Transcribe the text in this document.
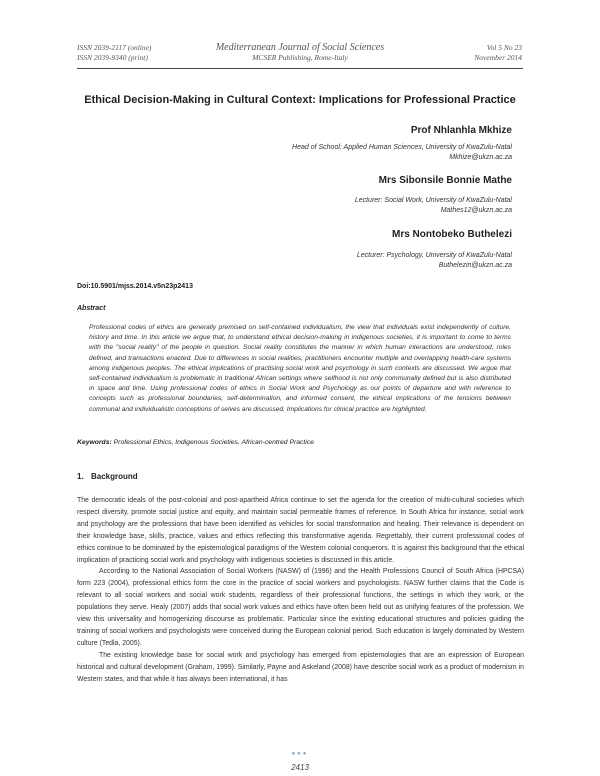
ISSN 2039-2117 (online)
ISSN 2039-9340 (print)
Mediterranean Journal of Social Sciences
MCSER Publishing, Rome-Italy
Vol 5 No 23
November 2014
Ethical Decision-Making in Cultural Context: Implications for Professional Practice
Prof Nhlanhla Mkhize
Head of School: Applied Human Sciences, University of KwaZulu-Natal
Mkhize@ukzn.ac.za
Mrs Sibonsile Bonnie Mathe
Lecturer: Social Work, University of KwaZulu-Natal
Mathes12@ukzn.ac.za
Mrs Nontobeko Buthelezi
Lecturer: Psychology, University of KwaZulu-Natal
Buthelezin@ukzn.ac.za
Doi:10.5901/mjss.2014.v5n23p2413
Abstract
Professional codes of ethics are generally premised on self-contained individualism, the view that individuals exist independently of culture, history and time. In this article we argue that, to understand ethical decision-making in indigenous societies, it is important to come to terms with the "social reality" of the people in question. Social reality constitutes the manner in which human interactions are understood, roles defined, and transactions enacted. Due to differences in social realities, practitioners encounter multiple and overlapping health-care systems among indigenous peoples. The ethical implications of practising social work and psychology in such contexts are discussed. We argue that self-contained individualism is problematic in traditional African settings where selfhood is not only communally defined but is also distributed in space and time. Using professional codes of ethics in Social Work and Psychology as our points of departure and with reference to concepts such as professional boundaries, self-determination, and informed consent, the ethical implications of the tensions between communal and individualistic conceptions of selves are discussed. Implications for clinical practice are highlighted.
Keywords: Professional Ethics, Indigenous Societies, African-centred Practice
1. Background

The democratic ideals of the post-colonial and post-apartheid Africa continue to set the agenda for the creation of multi-cultural societies which respect diversity, promote social justice and equity, and maintain social permeable frames of reference. In South Africa for instance, social work and psychology are the professions that have been identified as vehicles for social transformation and healing. Their relevance is dependent on their knowledge base, skills, practice, values and ethics reflecting this transformative agenda. Regrettably, their current professional codes of ethics continue to be dominated by the epistemological paradigms of the Western colonial conquerors. It is against this background that the ethical implication of practicing social work and psychology with indigenous societies is discussed in this article.

According to the National Association of Social Workers (NASW) of (1996) and the Health Professions Council of South Africa (HPCSA) form 223 (2004), professional ethics form the core in the practice of social workers and psychologists. NASW further claims that the Code is relevant to all social workers and social work students, regardless of their professional functions, the settings in which they work, or the populations they serve. Healy (2007) adds that social work values and ethics have often been held out as unifying features of the profession. We view this universality and homogenizing discourse as problematic. Particular since the existing educational structures and policies guiding the training of social workers and psychologists were conceived during the European colonial period. Such education is largely dominated by Western culture (Tedla, 2005).

The existing knowledge base for social work and psychology has emerged from epistemologies that are an expression of European historical and cultural development (Graham, 1999). Similarly, Payne and Askeland (2008) have describe social work as a product of modernism in Western states, and that while it has always been international, it has

●●●
2413
